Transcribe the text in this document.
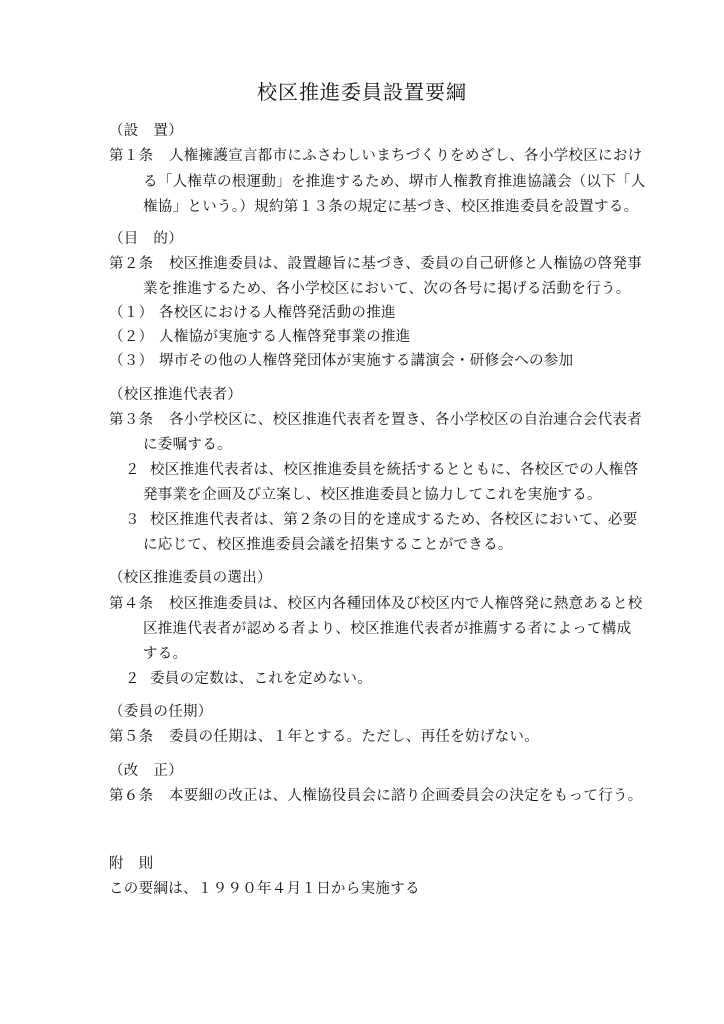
校区推進委員設置要綱
（設　置）
第１条 人権擁護宣言都市にふさわしいまちづくりをめざし、各小学校区におけ
る「人権草の根運動」を推進するため、堺市人権教育推進協議会（以下「人
権協」という。）規約第１３条の規定に基づき、校区推進委員を設置する。
（目　的）
第２条 校区推進委員は、設置趣旨に基づき、委員の自己研修と人権協の啓発事
業を推進するため、各小学校区において、次の各号に掲げる活動を行う。
（１） 各校区における人権啓発活動の推進
（２） 人権協が実施する人権啓発事業の推進
（３） 堺市その他の人権啓発団体が実施する講演会・研修会への参加
（校区推進代表者）
第３条 各小学校区に、校区推進代表者を置き、各小学校区の自治連合会代表者
に委嘱する。
２ 校区推進代表者は、校区推進委員を統括するとともに、各校区での人権啓
発事業を企画及び立案し、校区推進委員と協力してこれを実施する。
３ 校区推進代表者は、第２条の目的を達成するため、各校区において、必要
に応じて、校区推進委員会議を招集することができる。
（校区推進委員の選出）
第４条 校区推進委員は、校区内各種団体及び校区内で人権啓発に熱意あると校
区推進代表者が認める者より、校区推進代表者が推薦する者によって構成
する。
２ 委員の定数は、これを定めない。
（委員の任期）
第５条 委員の任期は、１年とする。ただし、再任を妨げない。
（改　正）
第６条 本要細の改正は、人権協役員会に諮り企画委員会の決定をもって行う。
附　則
この要綱は、１９９０年４月１日から実施する
